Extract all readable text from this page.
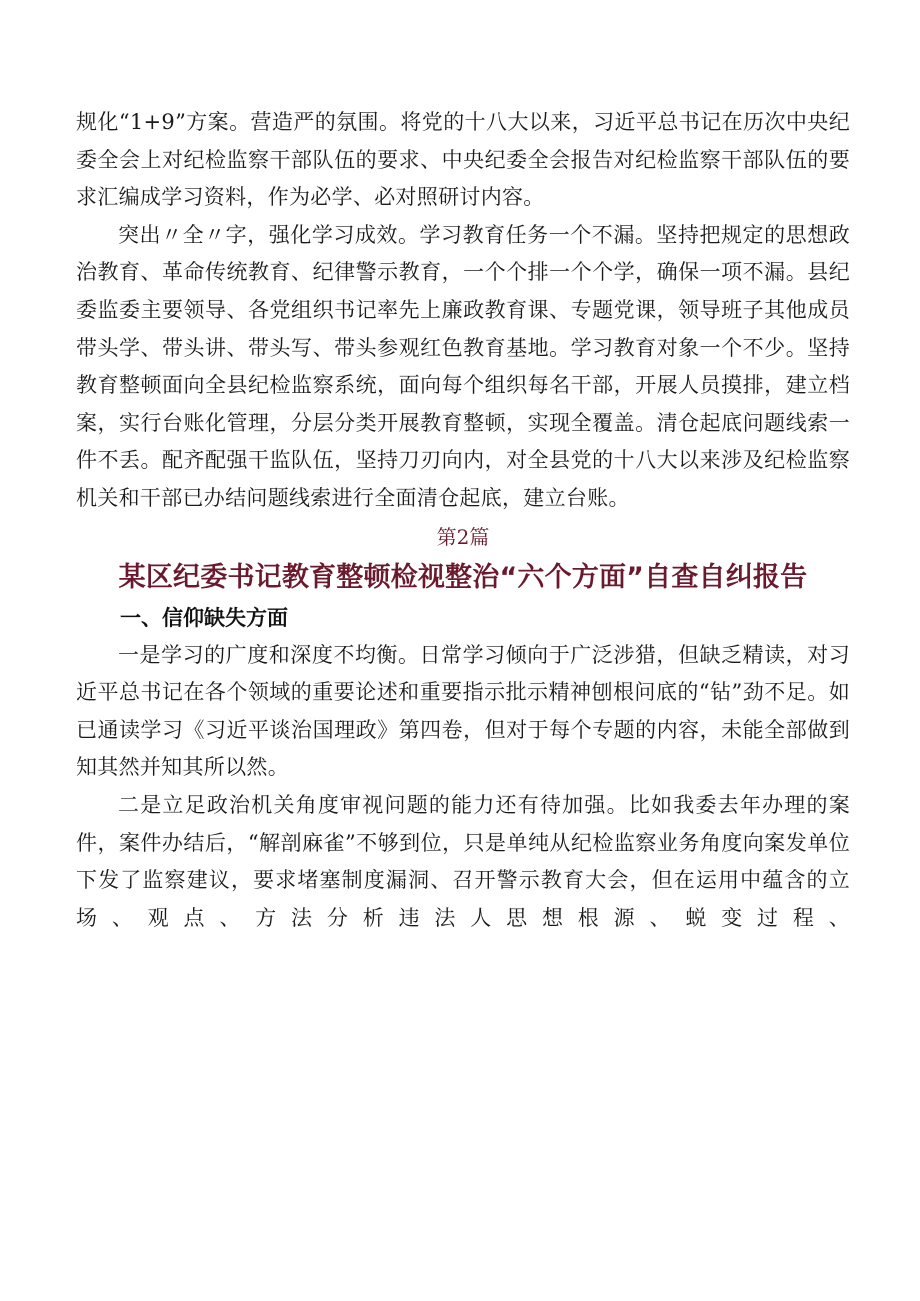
规化“1+9”方案。营造严的氛围。将党的十八大以来，习近平总书记在历次中央纪委全会上对纪检监察干部队伍的要求、中央纪委全会报告对纪检监察干部队伍的要求汇编成学习资料，作为必学、必对照研讨内容。

突出〃全〃字，强化学习成效。学习教育任务一个不漏。坚持把规定的思想政治教育、革命传统教育、纪律警示教育，一个个排一个个学，确保一项不漏。县纪委监委主要领导、各党组织书记率先上廉政教育课、专题党课，领导班子其他成员带头学、带头讲、带头写、带头参观红色教育基地。学习教育对象一个不少。坚持教育整顿面向全县纪检监察系统，面向每个组织每名干部，开展人员摸排，建立档案，实行台账化管理，分层分类开展教育整顿，实现全覆盖。清仓起底问题线索一件不丢。配齐配强干监队伍，坚持刀刃向内，对全县党的十八大以来涉及纪检监察机关和干部已办结问题线索进行全面清仓起底，建立台账。

第2篇

某区纪委书记教育整顿检视整治“六个方面”自查自纠报告
一、信仰缺失方面

一是学习的广度和深度不均衡。日常学习倾向于广泛涉猎，但缺乏精读，对习近平总书记在各个领域的重要论述和重要指示批示精神刨根问底的“钻”劲不足。如已通读学习《习近平谈治国理政》第四卷，但对于每个专题的内容，未能全部做到知其然并知其所以然。

二是立足政治机关角度审视问题的能力还有待加强。比如我委去年办理的案件，案件办结后，“解剖麻雀”不够到位，只是单纯从纪检监察业务角度向案发单位下发了监察建议，要求堵塞制度漏洞、召开警示教育大会，但在运用中蕴含的立场、观点、方法分析违法人思想根源、蜕变过程、
